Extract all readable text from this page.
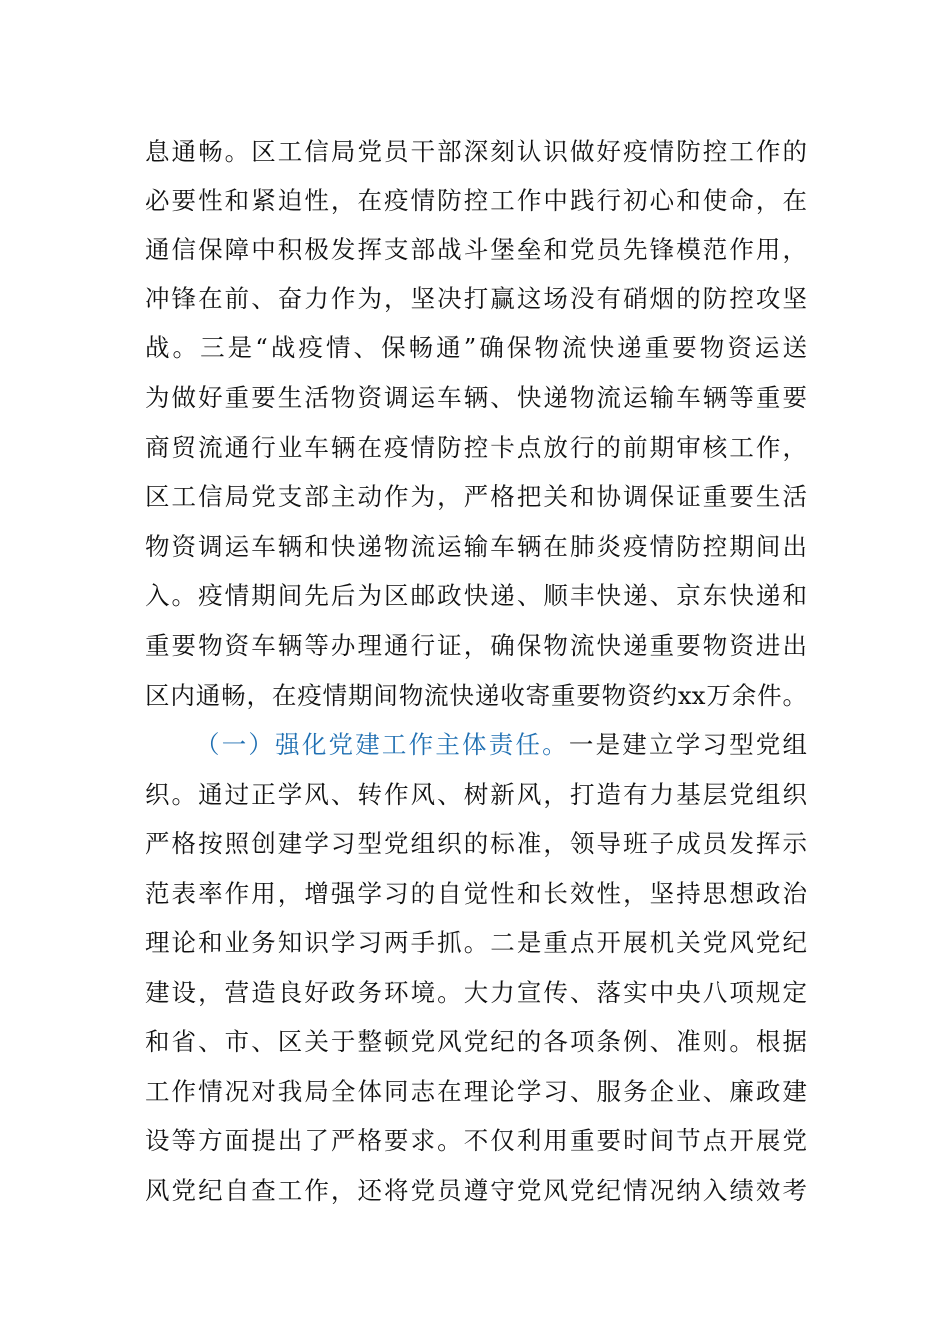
息通畅。区工信局党员干部深刻认识做好疫情防控工作的
必要性和紧迫性，在疫情防控工作中践行初心和使命，在
通信保障中积极发挥支部战斗堡垒和党员先锋模范作用，
冲锋在前、奋力作为，坚决打赢这场没有硝烟的防控攻坚
战。三是“战疫情、保畅通”确保物流快递重要物资运送
为做好重要生活物资调运车辆、快递物流运输车辆等重要
商贸流通行业车辆在疫情防控卡点放行的前期审核工作，
区工信局党支部主动作为，严格把关和协调保证重要生活
物资调运车辆和快递物流运输车辆在肺炎疫情防控期间出
入。疫情期间先后为区邮政快递、顺丰快递、京东快递和
重要物资车辆等办理通行证，确保物流快递重要物资进出
区内通畅，在疫情期间物流快递收寄重要物资约xx万余件。
（一）强化党建工作主体责任。一是建立学习型党组
织。通过正学风、转作风、树新风，打造有力基层党组织
严格按照创建学习型党组织的标准，领导班子成员发挥示
范表率作用，增强学习的自觉性和长效性，坚持思想政治
理论和业务知识学习两手抓。二是重点开展机关党风党纪
建设，营造良好政务环境。大力宣传、落实中央八项规定
和省、市、区关于整顿党风党纪的各项条例、准则。根据
工作情况对我局全体同志在理论学习、服务企业、廉政建
设等方面提出了严格要求。不仅利用重要时间节点开展党
风党纪自查工作，还将党员遵守党风党纪情况纳入绩效考
